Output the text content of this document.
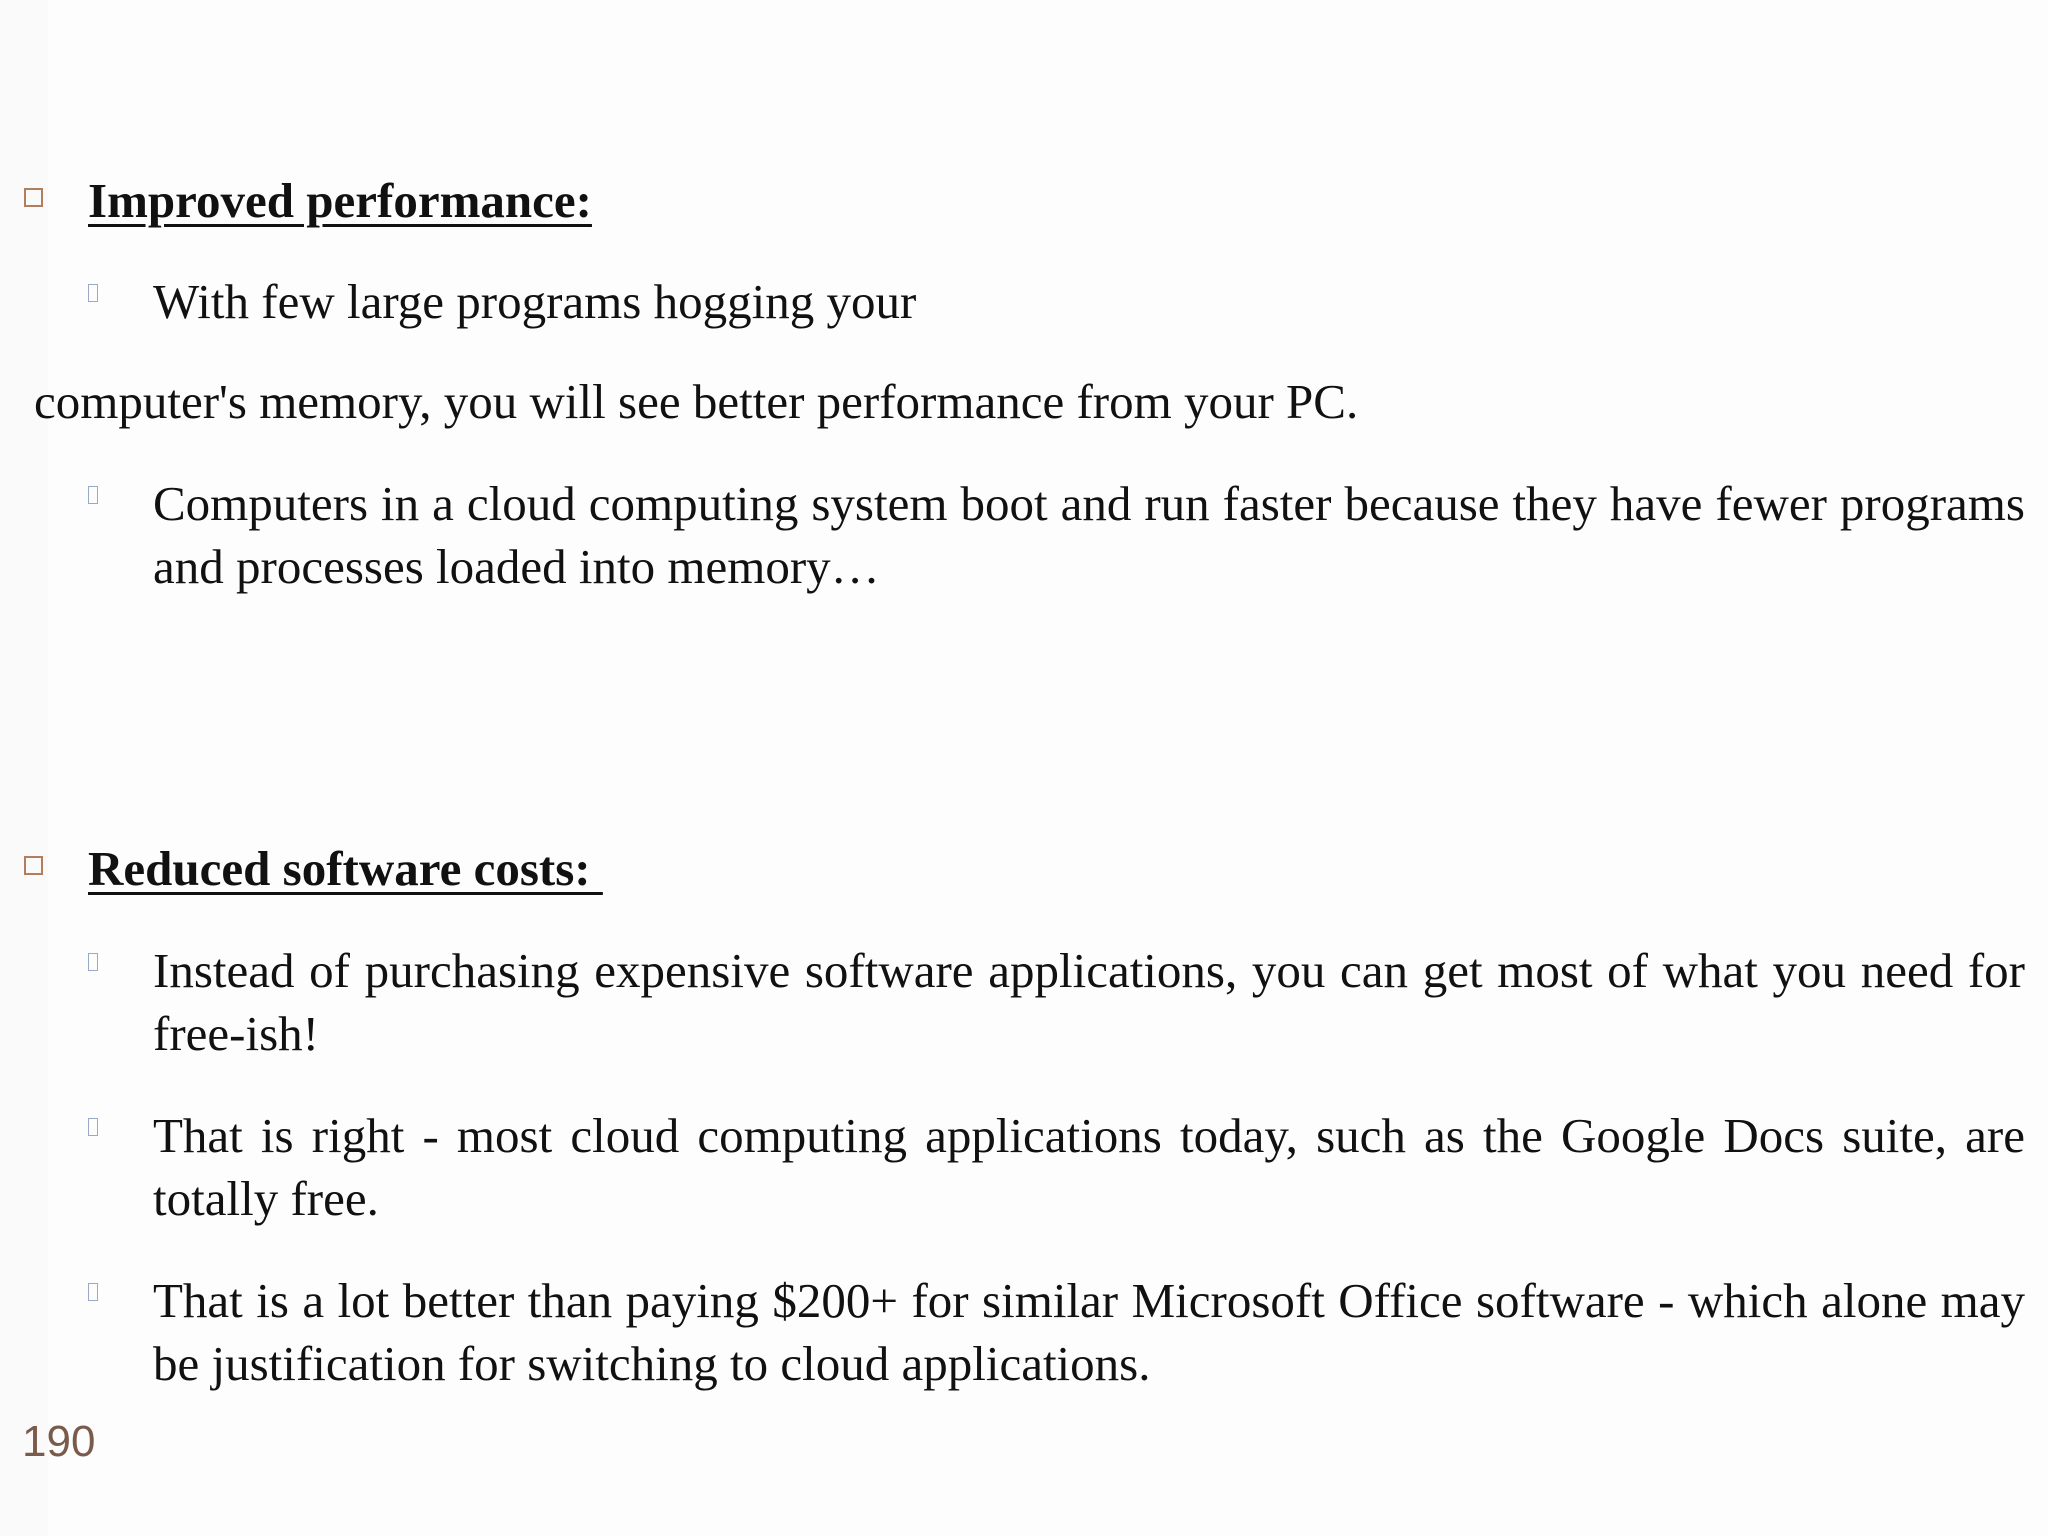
Improved performance:
With few large programs hogging your
computer's memory, you will see better performance from your PC.
Computers in a cloud computing system boot and run faster because they have fewer programs and processes loaded into memory…
Reduced software costs:
Instead of purchasing expensive software applications, you can get most of what you need for free-ish!
That is right - most cloud computing applications today, such as the Google Docs suite, are totally free.
That is a lot better than paying $200+ for similar Microsoft Office software - which alone may be justification for switching to cloud applications.
190
